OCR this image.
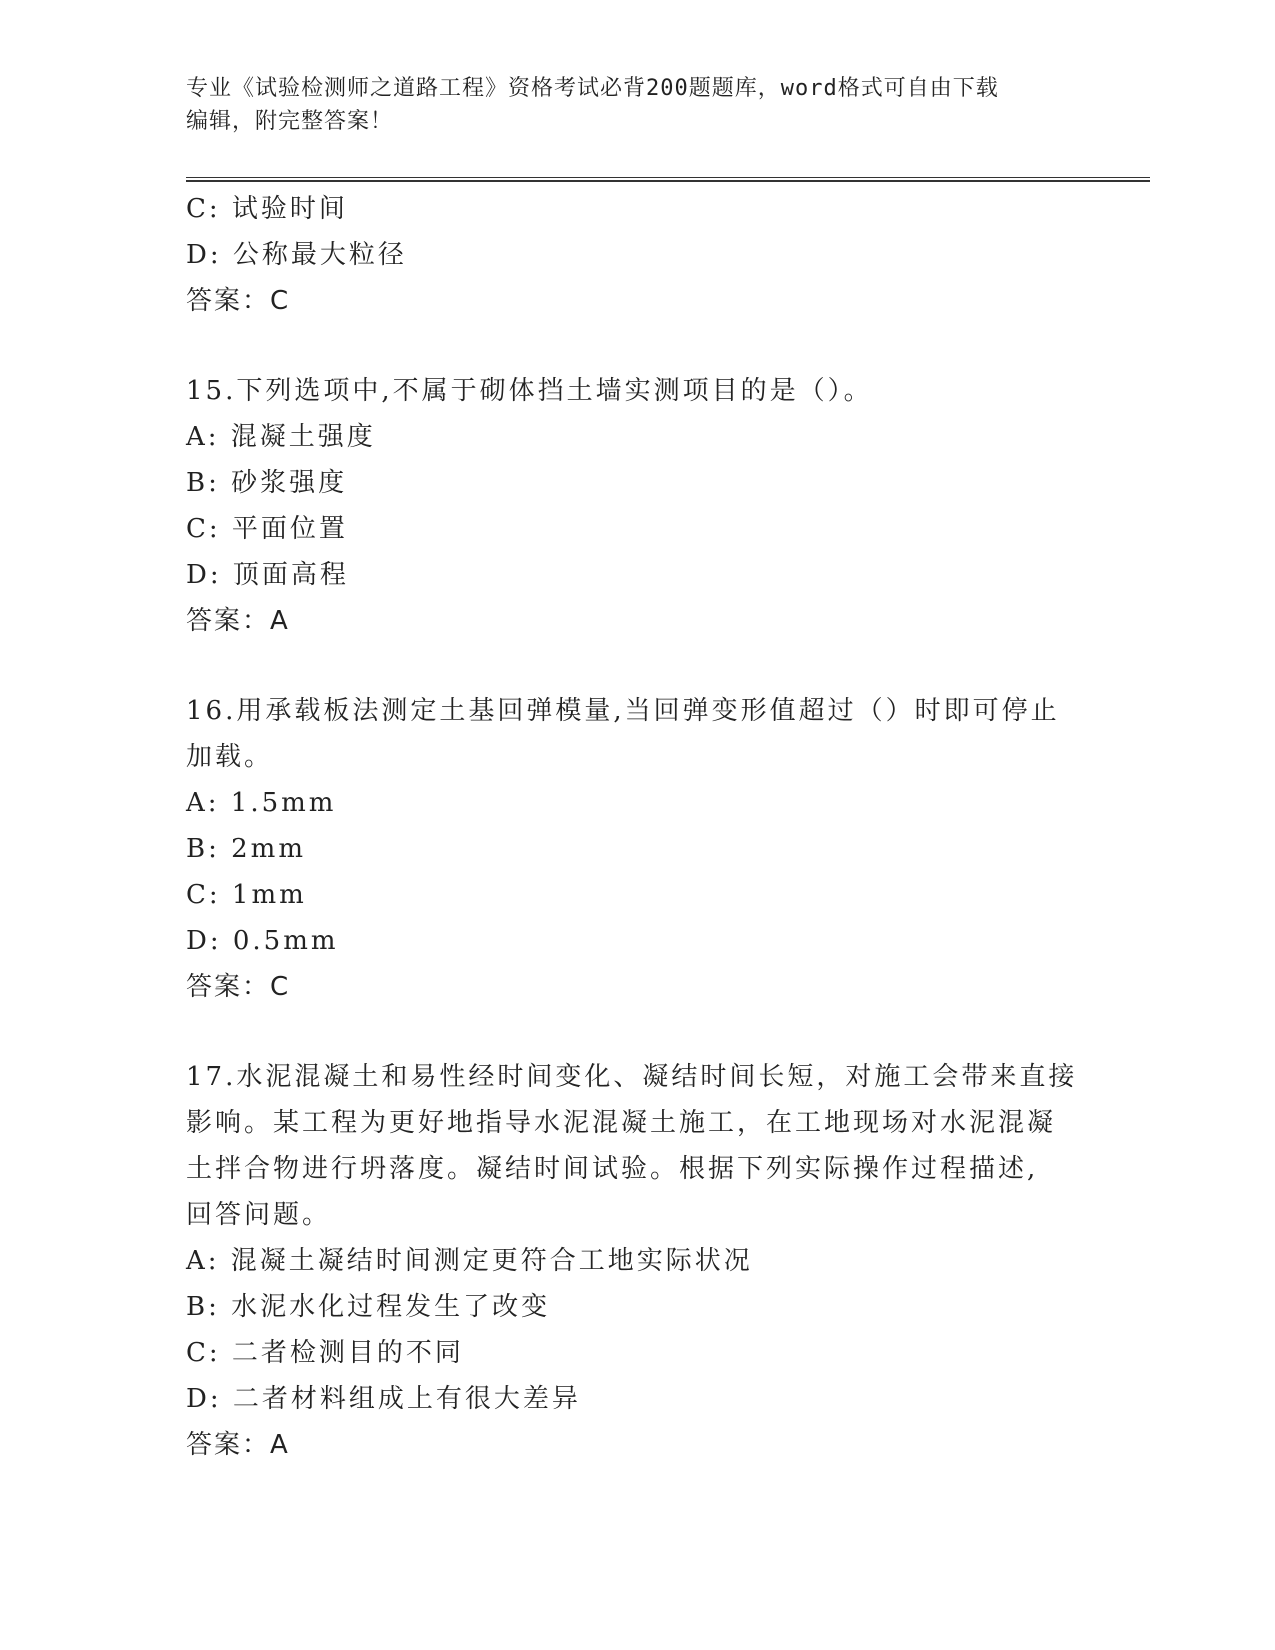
专业《试验检测师之道路工程》资格考试必背200题题库，word格式可自由下载
编辑，附完整答案！
C: 试验时间
D: 公称最大粒径
答案：C
15.下列选项中,不属于砌体挡土墙实测项目的是（）。
A: 混凝土强度
B: 砂浆强度
C: 平面位置
D: 顶面高程
答案：A
16.用承载板法测定土基回弹模量,当回弹变形值超过（）时即可停止
加载。
A: 1.5mm
B: 2mm
C: 1mm
D: 0.5mm
答案：C
17.水泥混凝土和易性经时间变化、凝结时间长短，对施工会带来直接
影响。某工程为更好地指导水泥混凝土施工，在工地现场对水泥混凝
土拌合物进行坍落度。凝结时间试验。根据下列实际操作过程描述,
回答问题。
A: 混凝土凝结时间测定更符合工地实际状况
B: 水泥水化过程发生了改变
C: 二者检测目的不同
D: 二者材料组成上有很大差异
答案：A
